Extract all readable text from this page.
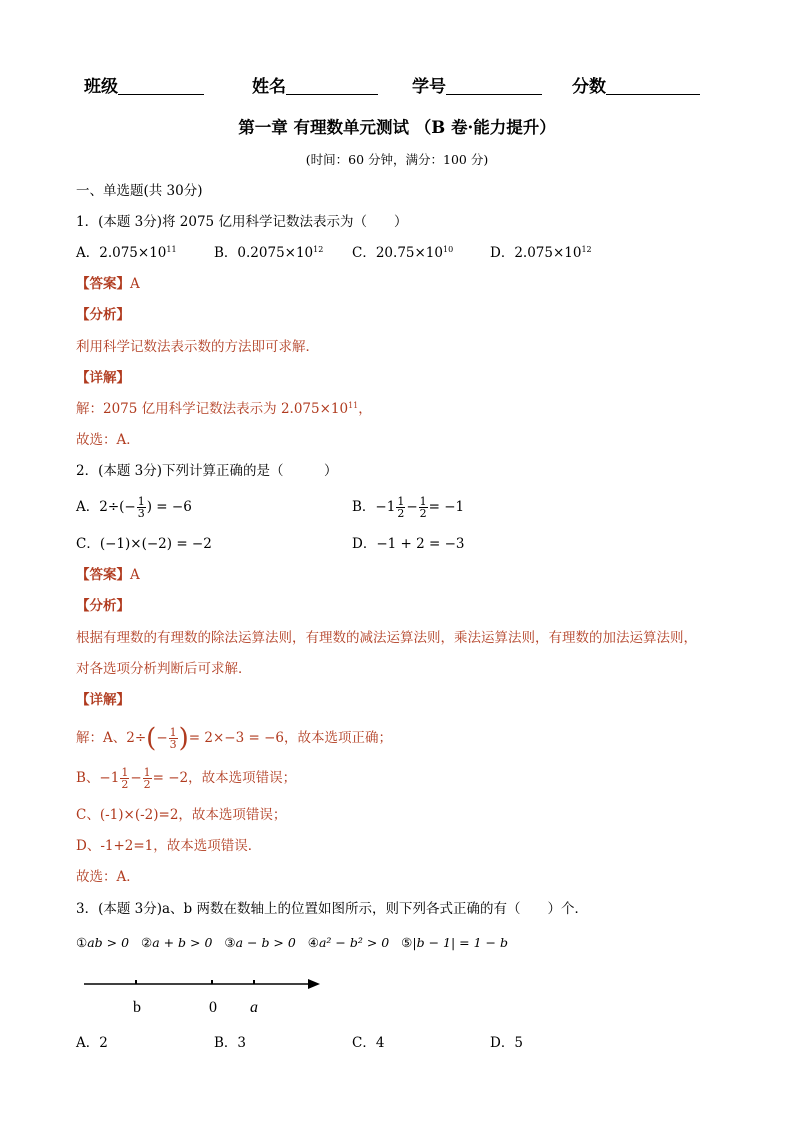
班级	姓名	学号	分数
第一章 有理数单元测试 （B 卷·能力提升）
(时间：60 分钟，满分：100 分)
一、单选题(共 30分)
1．(本题 3分)将 2075 亿用科学记数法表示为（　　）
A．$2.075\times 10^{11}$	B．$0.2075\times 10^{12}$ C．$20.75\times 10^{10}$	D．$2.075\times 10^{12}$
【答案】A
【分析】
利用科学记数法表示数的方法即可求解．
【详解】
解：2075 亿用科学记数法表示为 $2.075\times 10^{11}$，
故选：A．
2．(本题 3分)下列计算正确的是（　　　）
A．$2\div(- \frac{1}{3}$ ) = −6	B．$-1 \frac{1}{2} - \frac{1}{2} = -1$
C．(−1)×(−2) = −2	D．−1 + 2 = −3
【答案】A
【分析】
根据有理数的有理数的除法运算法则，有理数的减法运算法则，乘法运算法则，有理数的加法运算法则，
对各选项分析判断后可求解．
【详解】
解：A、$2\div(- \frac{1}{3}$ )= 2×−3 = −6，故本选项正确；
B、$-1 \frac{1}{2} - \frac{1}{2} = -2$，故本选项错误；
C、(-1)×(-2)=2，故本选项错误；
D、-1+2=1，故本选项错误．
故选：A．
3．(本题 3分)a、b 两数在数轴上的位置如图所示，则下列各式正确的有（　　）个．
①ab > 0 ②a + b > 0 ③a − b > 0 ④a² − b² > 0 ⑤|b − 1| = 1 − b
b	0 a
A．2	B．3	C．4	D．5
